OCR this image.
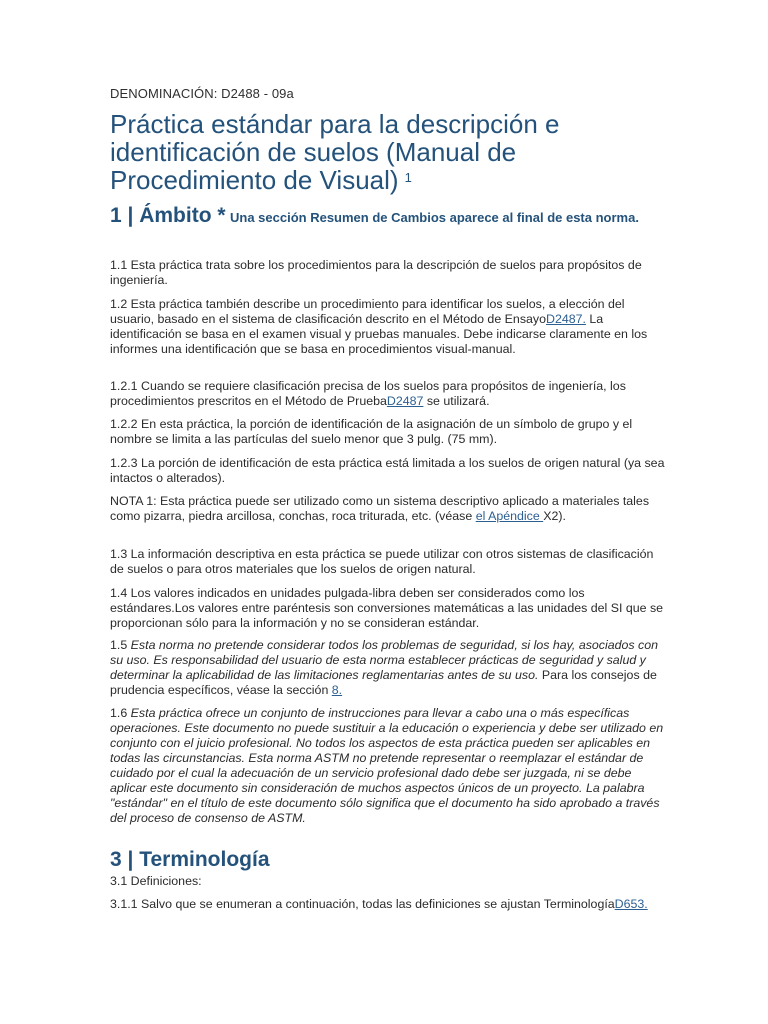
DENOMINACIÓN: D2488 - 09a
Práctica estándar para la descripción e identificación de suelos (Manual de Procedimiento de Visual) $^1$
1 | Ámbito * Una sección Resumen de Cambios aparece al final de esta norma.

1.1 Esta práctica trata sobre los procedimientos para la descripción de suelos para propósitos de ingeniería.

1.2 Esta práctica también describe un procedimiento para identificar los suelos, a elección del usuario, basado en el sistema de clasificación descrito en el Método de EnsayoD2487. La identificación se basa en el examen visual y pruebas manuales. Debe indicarse claramente en los informes una identificación que se basa en procedimientos visual-manual.

1.2.1 Cuando se requiere clasificación precisa de los suelos para propósitos de ingeniería, los procedimientos prescritos en el Método de PruebaD2487 se utilizará.

1.2.2 En esta práctica, la porción de identificación de la asignación de un símbolo de grupo y el nombre se limita a las partículas del suelo menor que 3 pulg. (75 mm).

1.2.3 La porción de identificación de esta práctica está limitada a los suelos de origen natural (ya sea intactos o alterados).

NOTA 1: Esta práctica puede ser utilizado como un sistema descriptivo aplicado a materiales tales como pizarra, piedra arcillosa, conchas, roca triturada, etc. (véase el Apéndice X2).

1.3 La información descriptiva en esta práctica se puede utilizar con otros sistemas de clasificación de suelos o para otros materiales que los suelos de origen natural.

1.4 Los valores indicados en unidades pulgada-libra deben ser considerados como los estándares.Los valores entre paréntesis son conversiones matemáticas a las unidades del SI que se proporcionan sólo para la información y no se consideran estándar.

1.5 Esta norma no pretende considerar todos los problemas de seguridad, si los hay, asociados con su uso. Es responsabilidad del usuario de esta norma establecer prácticas de seguridad y salud y determinar la aplicabilidad de las limitaciones reglamentarias antes de su uso. Para los consejos de prudencia específicos, véase la sección 8.

1.6 Esta práctica ofrece un conjunto de instrucciones para llevar a cabo una o más específicas operaciones. Este documento no puede sustituir a la educación o experiencia y debe ser utilizado en conjunto con el juicio profesional. No todos los aspectos de esta práctica pueden ser aplicables en todas las circunstancias. Esta norma ASTM no pretende representar o reemplazar el estándar de cuidado por el cual la adecuación de un servicio profesional dado debe ser juzgada, ni se debe aplicar este documento sin consideración de muchos aspectos únicos de un proyecto. La palabra "estándar" en el título de este documento sólo significa que el documento ha sido aprobado a través del proceso de consenso de ASTM.

3 | Terminología

3.1 Definiciones:

3.1.1 Salvo que se enumeran a continuación, todas las definiciones se ajustan TerminologíaD653.
